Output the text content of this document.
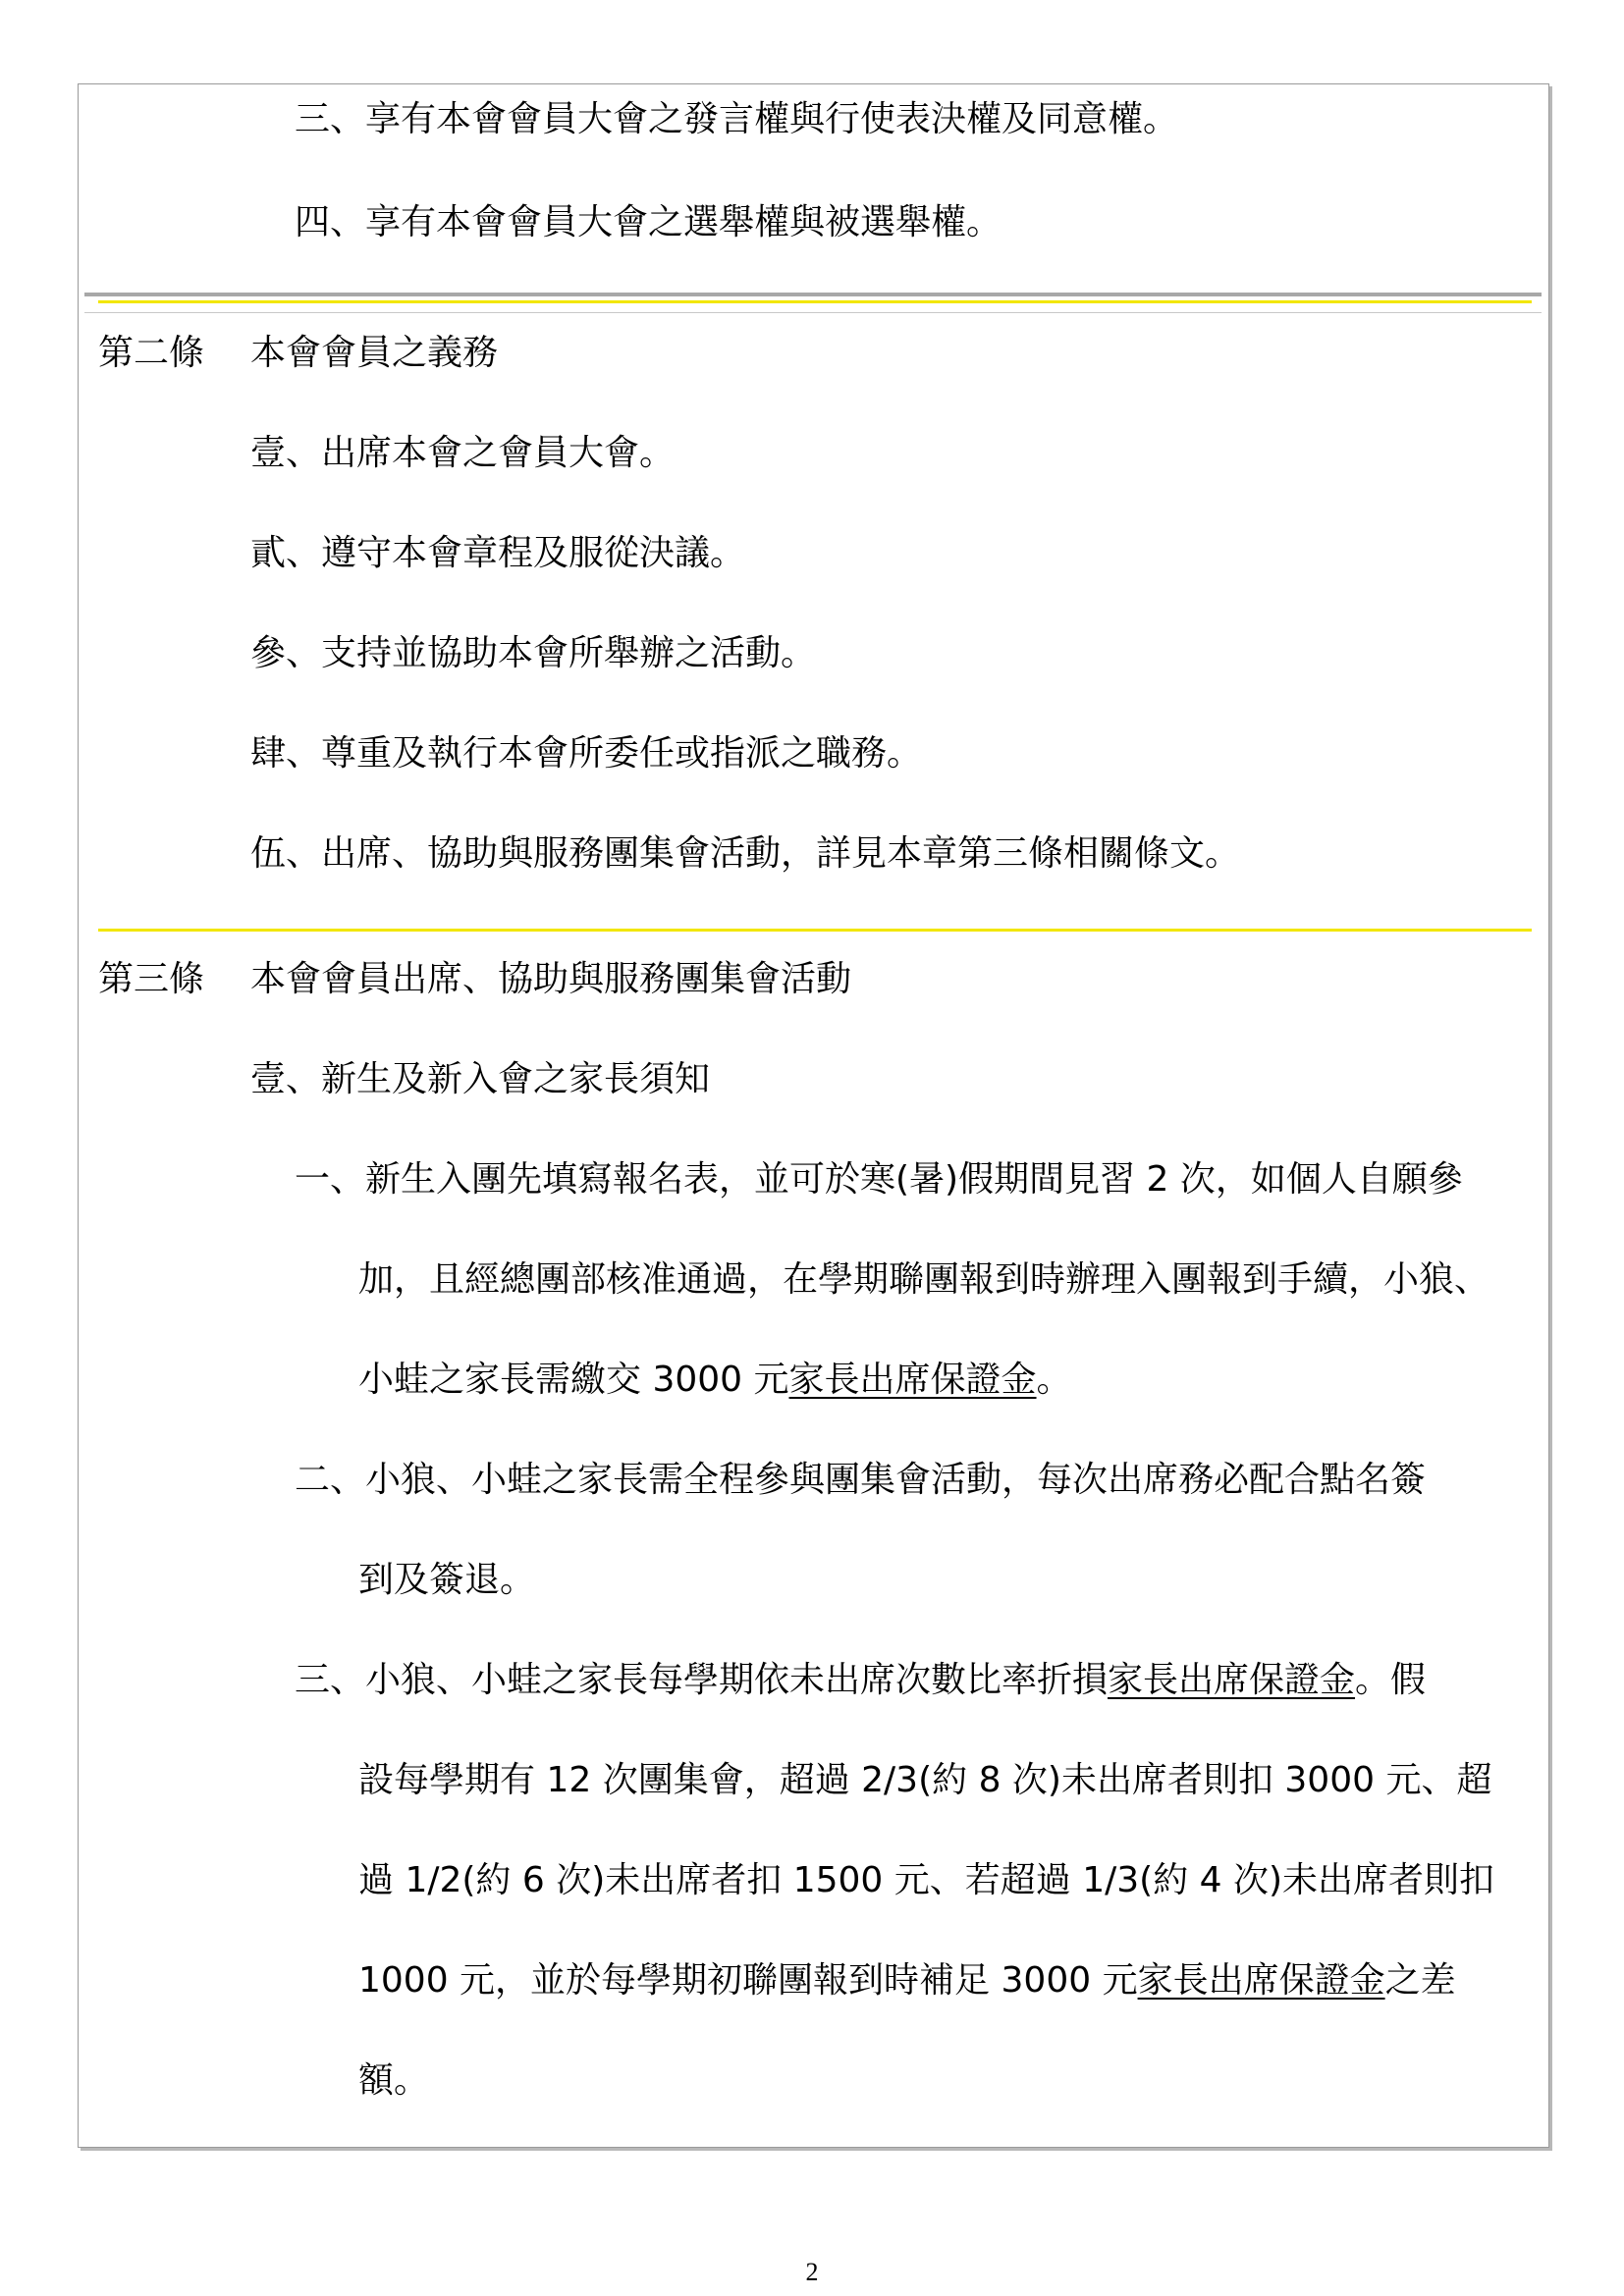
三、享有本會會員大會之發言權與行使表決權及同意權。
四、享有本會會員大會之選舉權與被選舉權。
第二條 本會會員之義務
壹、出席本會之會員大會。
貳、遵守本會章程及服從決議。
參、支持並協助本會所舉辦之活動。
肆、尊重及執行本會所委任或指派之職務。
伍、出席、協助與服務團集會活動，詳見本章第三條相關條文。
第三條 本會會員出席、協助與服務團集會活動
壹、新生及新入會之家長須知
一、新生入團先填寫報名表，並可於寒(暑)假期間見習 2 次，如個人自願參
加，且經總團部核准通過，在學期聯團報到時辦理入團報到手續，小狼、
小蛙之家長需繳交 3000 元家長出席保證金。
二、小狼、小蛙之家長需全程參與團集會活動，每次出席務必配合點名簽
到及簽退。
三、小狼、小蛙之家長每學期依未出席次數比率折損家長出席保證金。假
設每學期有 12 次團集會，超過 2/3(約 8 次)未出席者則扣 3000 元、超
過 1/2(約 6 次)未出席者扣 1500 元、若超過 1/3(約 4 次)未出席者則扣
1000 元，並於每學期初聯團報到時補足 3000 元家長出席保證金之差
額。
2
